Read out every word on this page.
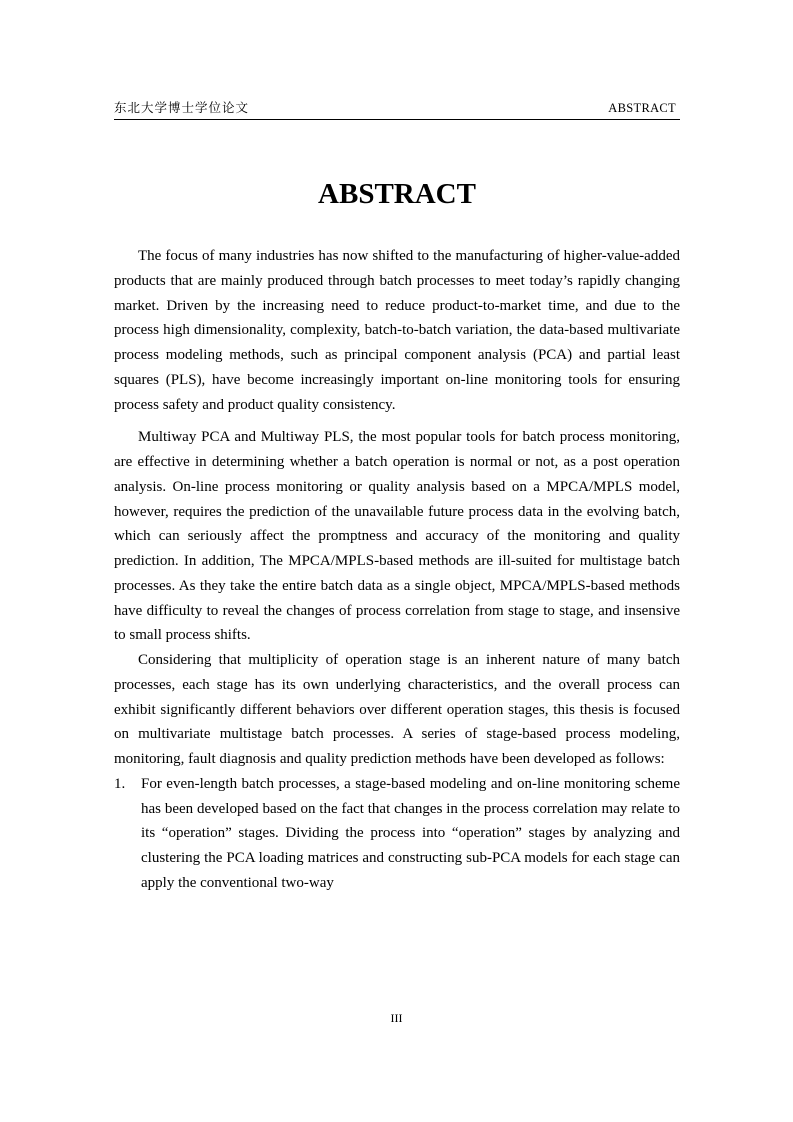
东北大学博士学位论文	ABSTRACT
ABSTRACT

The focus of many industries has now shifted to the manufacturing of higher-value-added products that are mainly produced through batch processes to meet today’s rapidly changing market. Driven by the increasing need to reduce product-to-market time, and due to the process high dimensionality, complexity, batch-to-batch variation, the data-based multivariate process modeling methods, such as principal component analysis (PCA) and partial least squares (PLS), have become increasingly important on-line monitoring tools for ensuring process safety and product quality consistency.

Multiway PCA and Multiway PLS, the most popular tools for batch process monitoring, are effective in determining whether a batch operation is normal or not, as a post operation analysis. On-line process monitoring or quality analysis based on a MPCA/MPLS model, however, requires the prediction of the unavailable future process data in the evolving batch, which can seriously affect the promptness and accuracy of the monitoring and quality prediction. In addition, The MPCA/MPLS-based methods are ill-suited for multistage batch processes. As they take the entire batch data as a single object, MPCA/MPLS-based methods have difficulty to reveal the changes of process correlation from stage to stage, and insensive to small process shifts.

Considering that multiplicity of operation stage is an inherent nature of many batch processes, each stage has its own underlying characteristics, and the overall process can exhibit significantly different behaviors over different operation stages, this thesis is focused on multivariate multistage batch processes. A series of stage-based process modeling, monitoring, fault diagnosis and quality prediction methods have been developed as follows:

1. For even-length batch processes, a stage-based modeling and on-line monitoring scheme has been developed based on the fact that changes in the process correlation may relate to its “operation” stages. Dividing the process into “operation” stages by analyzing and clustering the PCA loading matrices and constructing sub-PCA models for each stage can apply the conventional two-way
III
